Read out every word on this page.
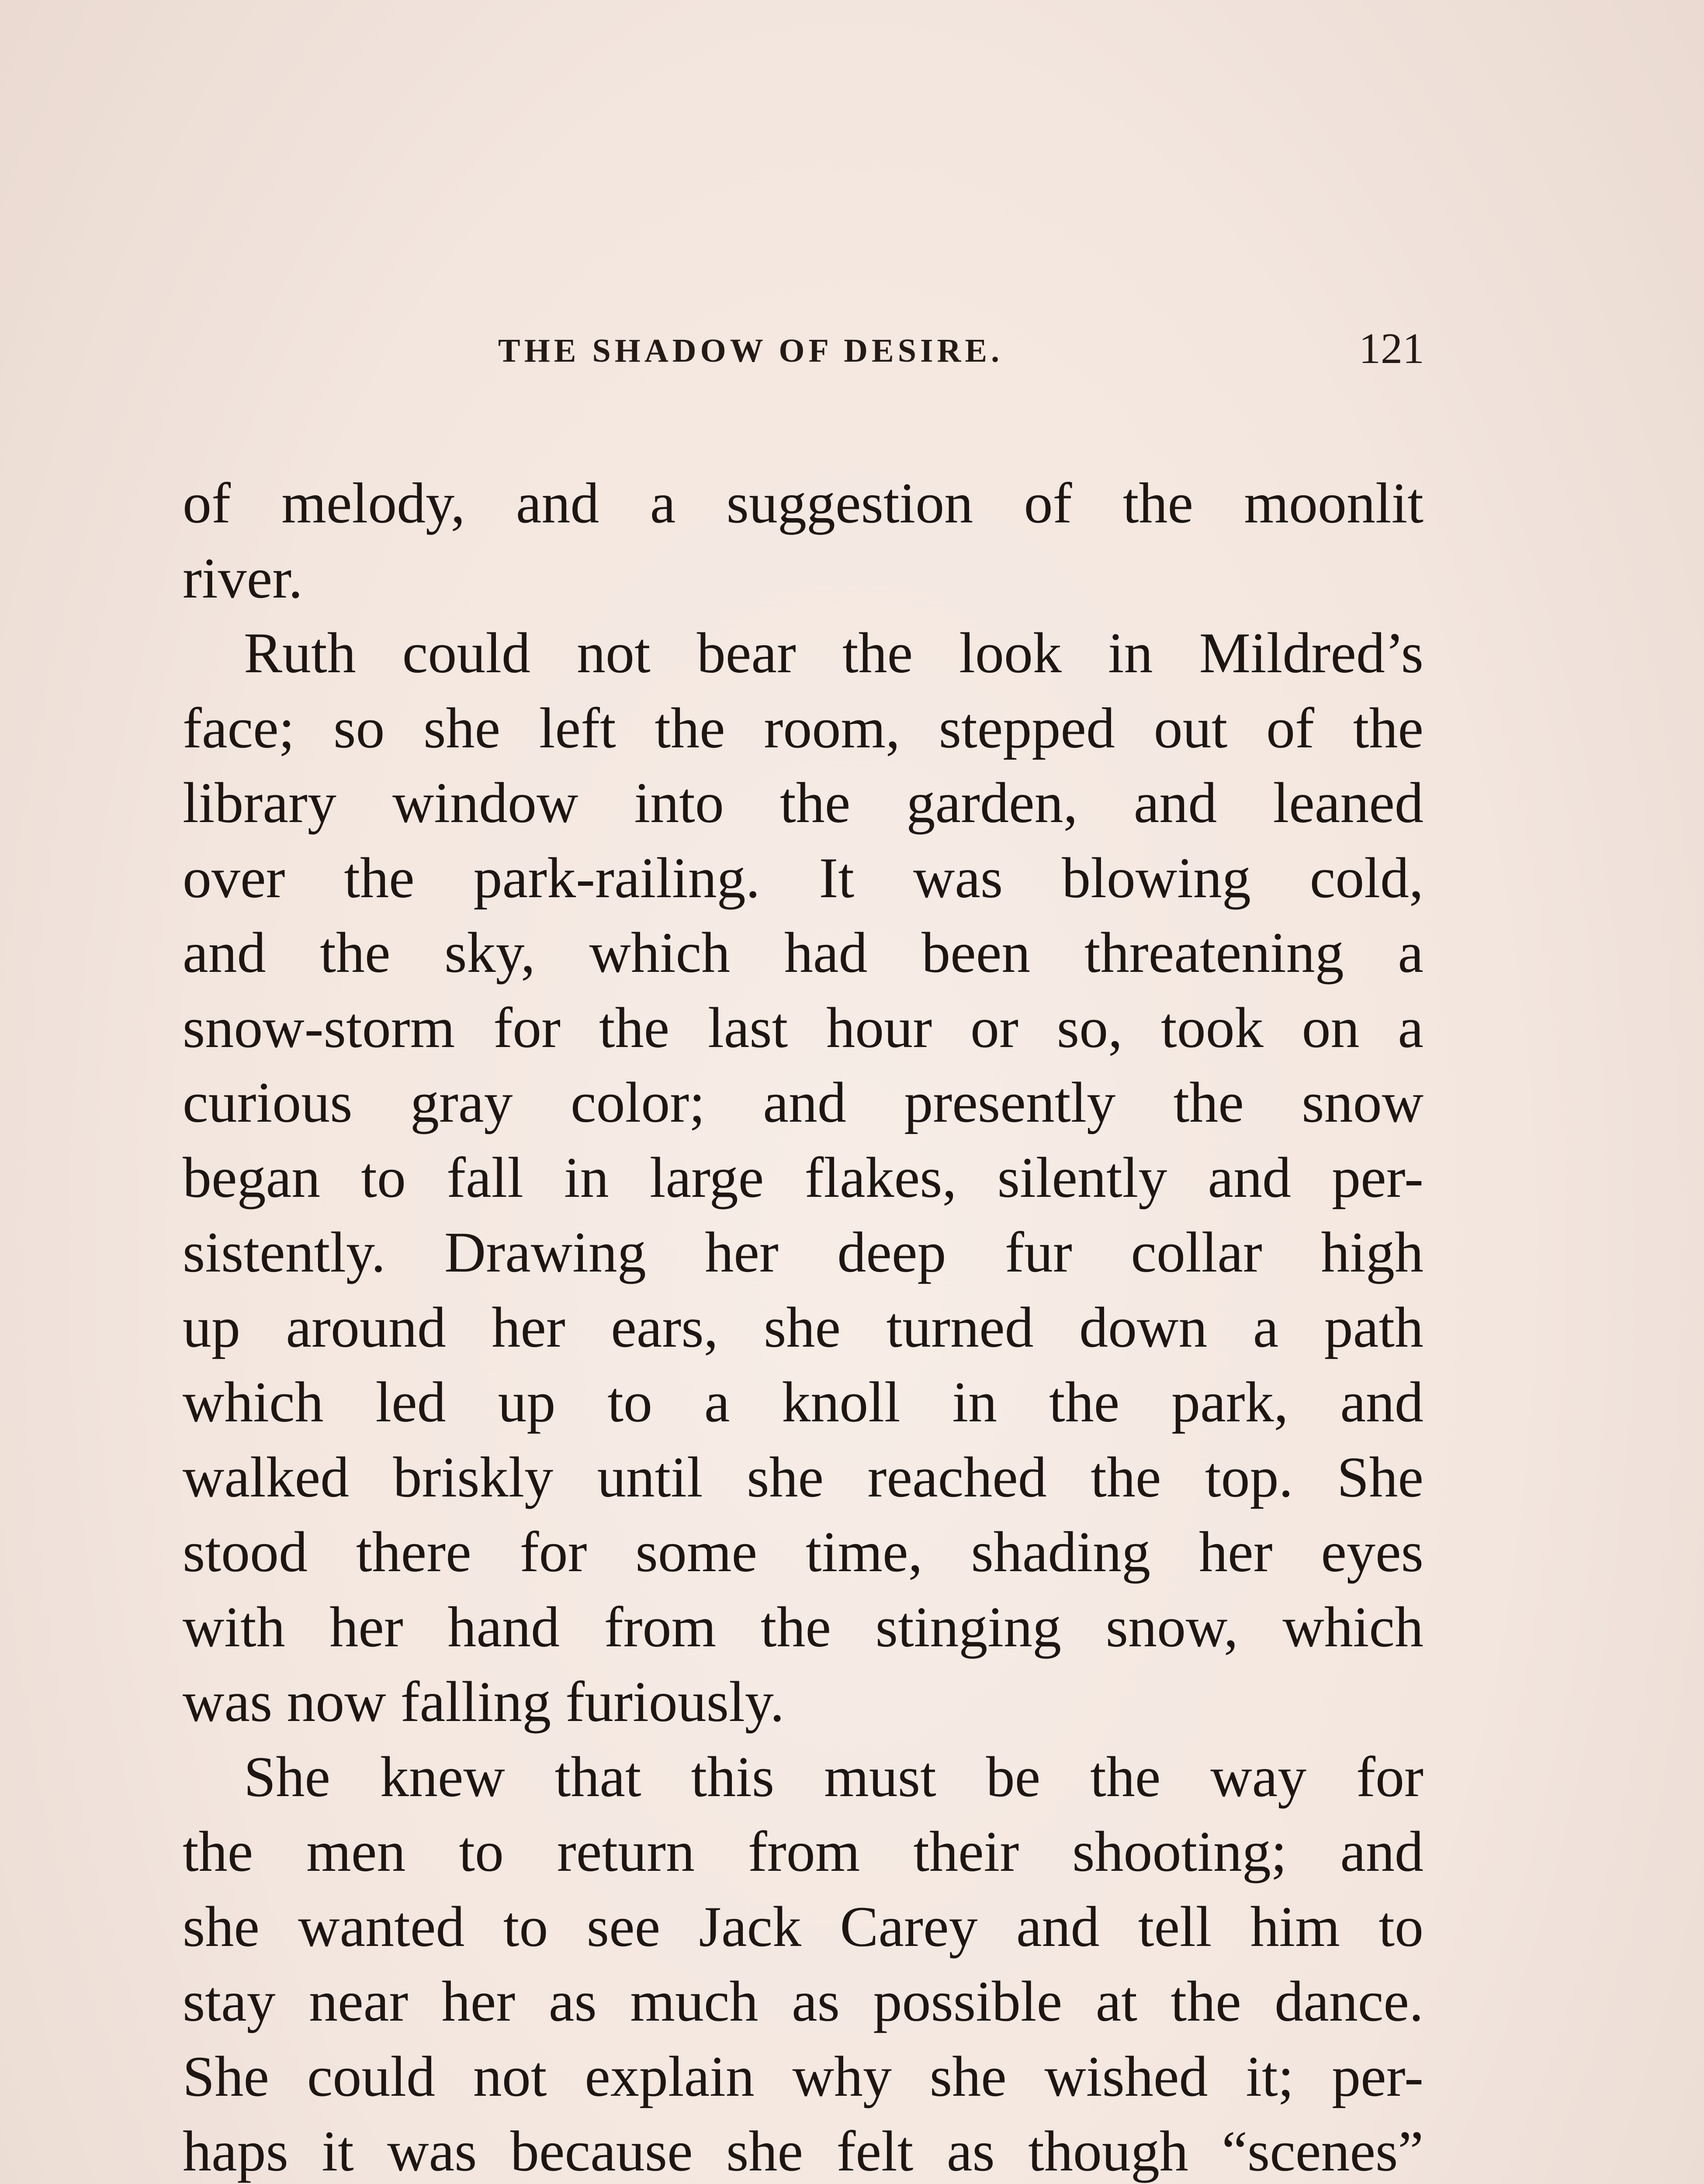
THE SHADOW OF DESIRE.	121
of melody, and a suggestion of the moonlit
river.
Ruth could not bear the look in Mildred’s
face; so she left the room, stepped out of the
library window into the garden, and leaned
over the park-railing. It was blowing cold,
and the sky, which had been threatening a
snow-storm for the last hour or so, took on a
curious gray color; and presently the snow
began to fall in large flakes, silently and per-
sistently. Drawing her deep fur collar high
up around her ears, she turned down a path
which led up to a knoll in the park, and
walked briskly until she reached the top. She
stood there for some time, shading her eyes
with her hand from the stinging snow, which
was now falling furiously.
She knew that this must be the way for
the men to return from their shooting; and
she wanted to see Jack Carey and tell him to
stay near her as much as possible at the dance.
She could not explain why she wished it; per-
haps it was because she felt as though “scenes”
